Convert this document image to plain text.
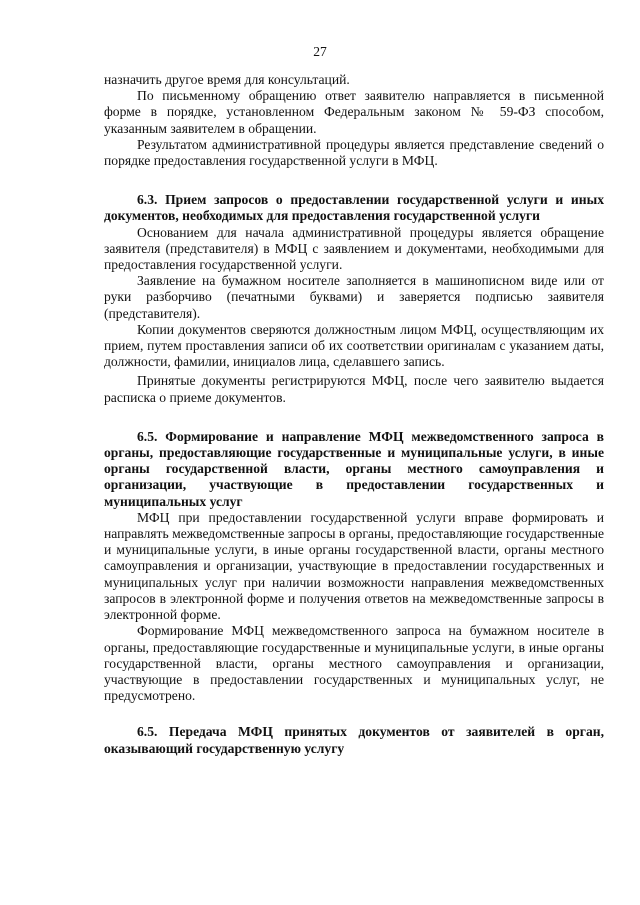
27

назначить другое время для консультаций.

По письменному обращению ответ заявителю направляется в письменной форме в порядке, установленном Федеральным законом № 59-ФЗ способом, указанным заявителем в обращении.

Результатом административной процедуры является представление сведений о порядке предоставления государственной услуги в МФЦ.

6.3. Прием запросов о предоставлении государственной услуги и иных документов, необходимых для предоставления государственной услуги

Основанием для начала административной процедуры является обращение заявителя (представителя) в МФЦ с заявлением и документами, необходимыми для предоставления государственной услуги.

Заявление на бумажном носителе заполняется в машинописном виде или от руки разборчиво (печатными буквами) и заверяется подписью заявителя (представителя).

Копии документов сверяются должностным лицом МФЦ, осуществляющим их прием, путем проставления записи об их соответствии оригиналам с указанием даты, должности, фамилии, инициалов лица, сделавшего запись.

Принятые документы регистрируются МФЦ, после чего заявителю выдается расписка о приеме документов.

6.5. Формирование и направление МФЦ межведомственного запроса в органы, предоставляющие государственные и муниципальные услуги, в иные органы государственной власти, органы местного самоуправления и организации, участвующие в предоставлении государственных и муниципальных услуг

МФЦ при предоставлении государственной услуги вправе формировать и направлять межведомственные запросы в органы, предоставляющие государственные и муниципальные услуги, в иные органы государственной власти, органы местного самоуправления и организации, участвующие в предоставлении государственных и муниципальных услуг при наличии возможности направления межведомственных запросов в электронной форме и получения ответов на межведомственные запросы в электронной форме.

Формирование МФЦ межведомственного запроса на бумажном носителе в органы, предоставляющие государственные и муниципальные услуги, в иные органы государственной власти, органы местного самоуправления и организации, участвующие в предоставлении государственных и муниципальных услуг, не предусмотрено.

6.5. Передача МФЦ принятых документов от заявителей в орган, оказывающий государственную услугу
